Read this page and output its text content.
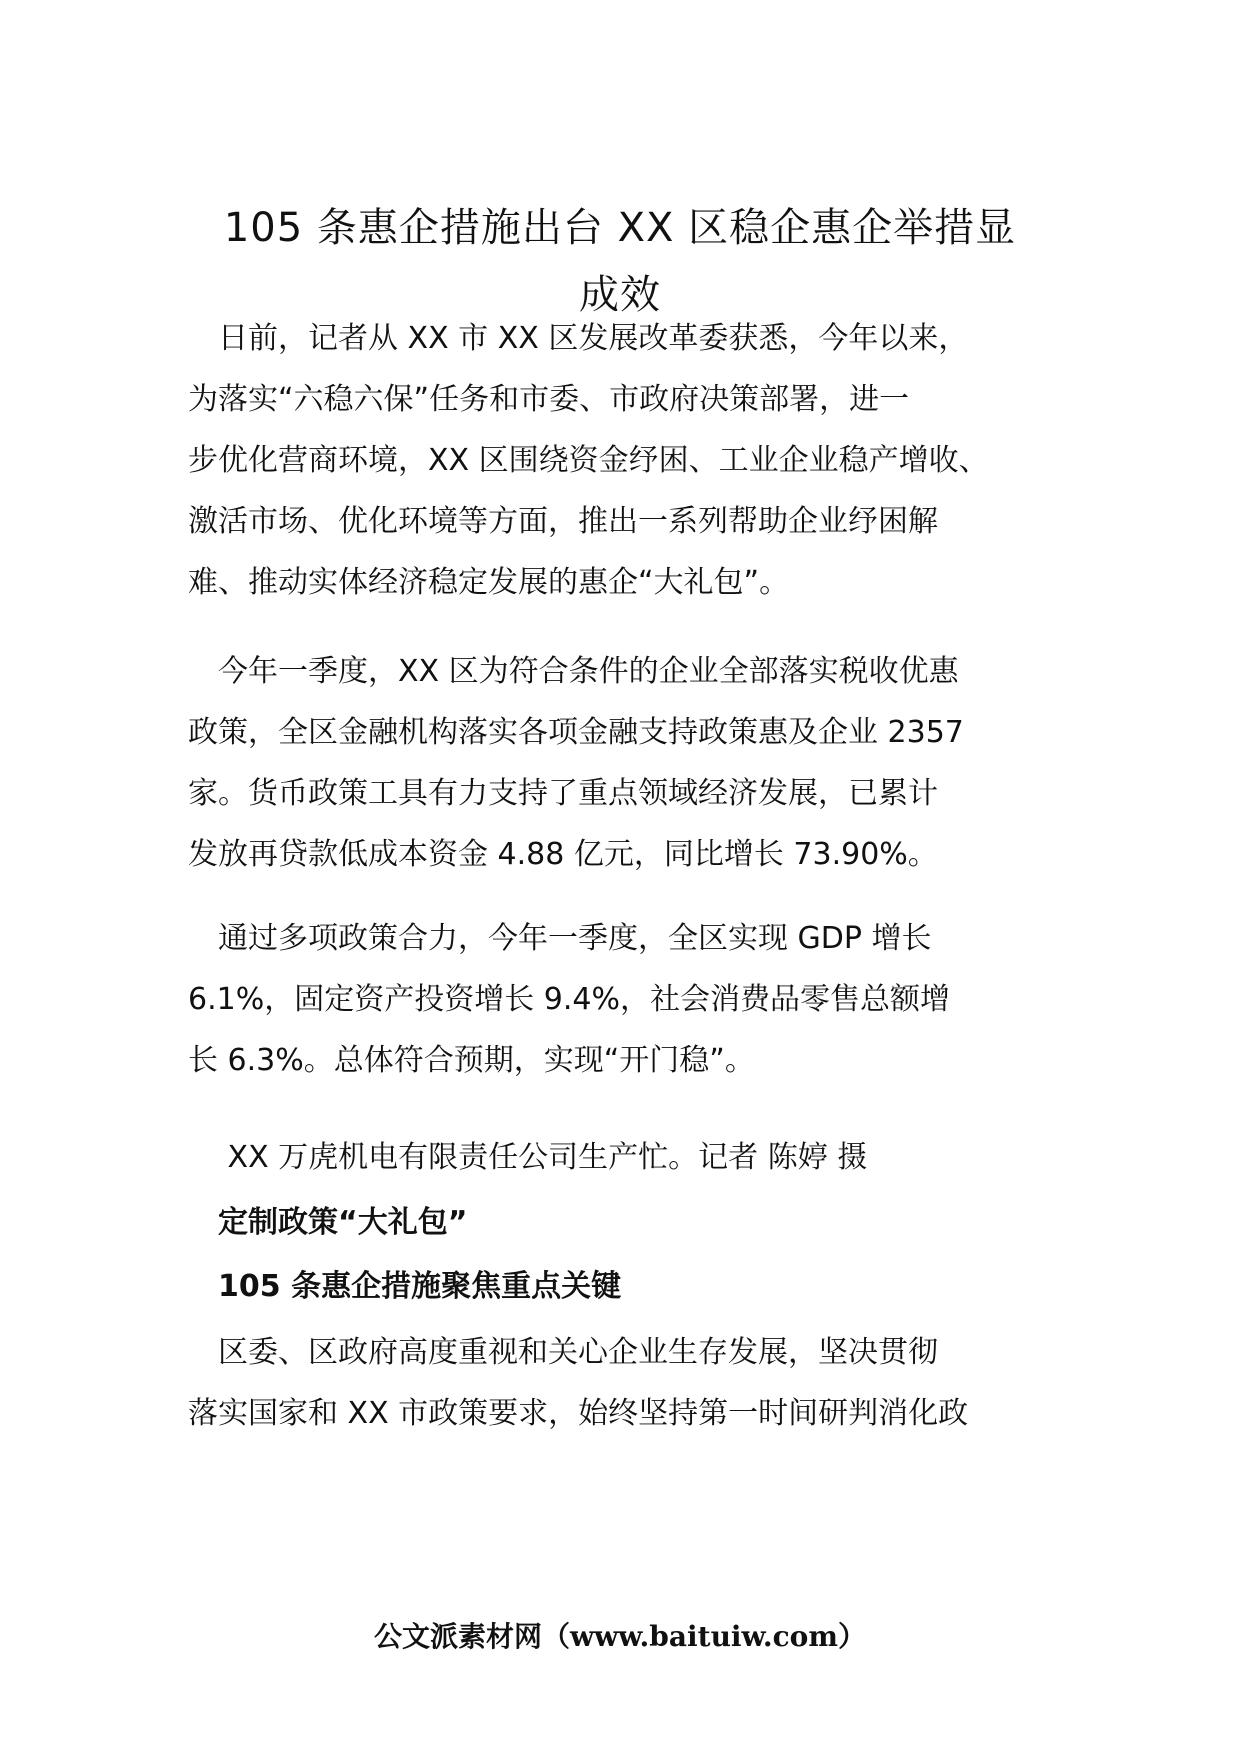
105 条惠企措施出台 XX 区稳企惠企举措显
成效

　日前，记者从 XX 市 XX 区发展改革委获悉，今年以来，
为落实“六稳六保”任务和市委、市政府决策部署，进一
步优化营商环境，XX 区围绕资金纾困、工业企业稳产增收、
激活市场、优化环境等方面，推出一系列帮助企业纾困解
难、推动实体经济稳定发展的惠企“大礼包”。

　今年一季度，XX 区为符合条件的企业全部落实税收优惠
政策，全区金融机构落实各项金融支持政策惠及企业 2357
家。货币政策工具有力支持了重点领域经济发展，已累计
发放再贷款低成本资金 4.88 亿元，同比增长 73.90%。

　通过多项政策合力，今年一季度，全区实现 GDP 增长
6.1%，固定资产投资增长 9.4%，社会消费品零售总额增
长 6.3%。总体符合预期，实现“开门稳”。

　 XX 万虎机电有限责任公司生产忙。记者 陈婷 摄

　定制政策“大礼包”

　105 条惠企措施聚焦重点关键

　区委、区政府高度重视和关心企业生存发展，坚决贯彻
落实国家和 XX 市政策要求，始终坚持第一时间研判消化政

公文派素材网（www.baituiw.com）
